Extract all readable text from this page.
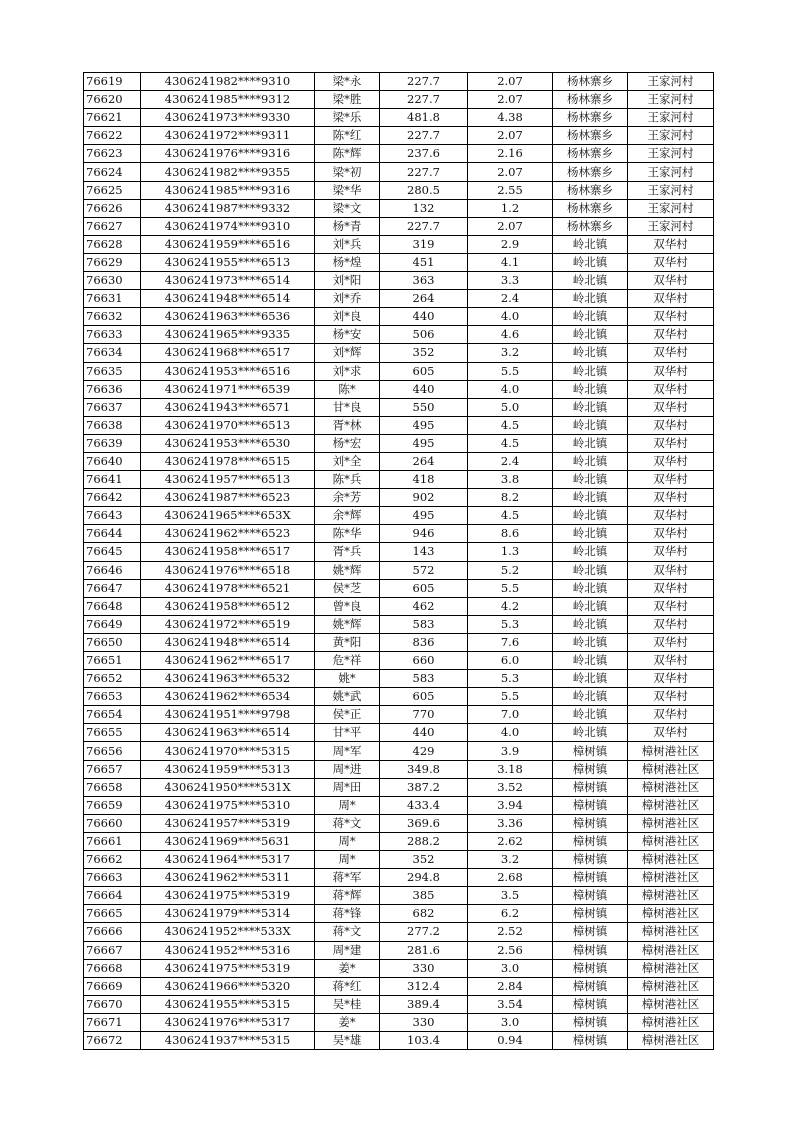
76619	4306241982****9310	梁*永	227.7	2.07	杨林寨乡	王家河村
76620	4306241985****9312	梁*胜	227.7	2.07	杨林寨乡	王家河村
76621	4306241973****9330	梁*乐	481.8	4.38	杨林寨乡	王家河村
76622	4306241972****9311	陈*红	227.7	2.07	杨林寨乡	王家河村
76623	4306241976****9316	陈*辉	237.6	2.16	杨林寨乡	王家河村
76624	4306241982****9355	梁*初	227.7	2.07	杨林寨乡	王家河村
76625	4306241985****9316	梁*华	280.5	2.55	杨林寨乡	王家河村
76626	4306241987****9332	梁*文	132	1.2	杨林寨乡	王家河村
76627	4306241974****9310	杨*青	227.7	2.07	杨林寨乡	王家河村
76628	4306241959****6516	刘*兵	319	2.9	岭北镇	双华村
76629	4306241955****6513	杨*煌	451	4.1	岭北镇	双华村
76630	4306241973****6514	刘*阳	363	3.3	岭北镇	双华村
76631	4306241948****6514	刘*乔	264	2.4	岭北镇	双华村
76632	4306241963****6536	刘*良	440	4.0	岭北镇	双华村
76633	4306241965****9335	杨*安	506	4.6	岭北镇	双华村
76634	4306241968****6517	刘*辉	352	3.2	岭北镇	双华村
76635	4306241953****6516	刘*求	605	5.5	岭北镇	双华村
76636	4306241971****6539	陈*	440	4.0	岭北镇	双华村
76637	4306241943****6571	甘*良	550	5.0	岭北镇	双华村
76638	4306241970****6513	胥*林	495	4.5	岭北镇	双华村
76639	4306241953****6530	杨*宏	495	4.5	岭北镇	双华村
76640	4306241978****6515	刘*全	264	2.4	岭北镇	双华村
76641	4306241957****6513	陈*兵	418	3.8	岭北镇	双华村
76642	4306241987****6523	余*芳	902	8.2	岭北镇	双华村
76643	4306241965****653X	余*辉	495	4.5	岭北镇	双华村
76644	4306241962****6523	陈*华	946	8.6	岭北镇	双华村
76645	4306241958****6517	胥*兵	143	1.3	岭北镇	双华村
76646	4306241976****6518	姚*辉	572	5.2	岭北镇	双华村
76647	4306241978****6521	侯*芝	605	5.5	岭北镇	双华村
76648	4306241958****6512	曾*良	462	4.2	岭北镇	双华村
76649	4306241972****6519	姚*辉	583	5.3	岭北镇	双华村
76650	4306241948****6514	黄*阳	836	7.6	岭北镇	双华村
76651	4306241962****6517	危*祥	660	6.0	岭北镇	双华村
76652	4306241963****6532	姚*	583	5.3	岭北镇	双华村
76653	4306241962****6534	姚*武	605	5.5	岭北镇	双华村
76654	4306241951****9798	侯*正	770	7.0	岭北镇	双华村
76655	4306241963****6514	甘*平	440	4.0	岭北镇	双华村
76656	4306241970****5315	周*军	429	3.9	樟树镇	樟树港社区
76657	4306241959****5313	周*进	349.8	3.18	樟树镇	樟树港社区
76658	4306241950****531X	周*田	387.2	3.52	樟树镇	樟树港社区
76659	4306241975****5310	周*	433.4	3.94	樟树镇	樟树港社区
76660	4306241957****5319	蒋*文	369.6	3.36	樟树镇	樟树港社区
76661	4306241969****5631	周*	288.2	2.62	樟树镇	樟树港社区
76662	4306241964****5317	周*	352	3.2	樟树镇	樟树港社区
76663	4306241962****5311	蒋*军	294.8	2.68	樟树镇	樟树港社区
76664	4306241975****5319	蒋*辉	385	3.5	樟树镇	樟树港社区
76665	4306241979****5314	蒋*锋	682	6.2	樟树镇	樟树港社区
76666	4306241952****533X	蒋*文	277.2	2.52	樟树镇	樟树港社区
76667	4306241952****5316	周*建	281.6	2.56	樟树镇	樟树港社区
76668	4306241975****5319	姜*	330	3.0	樟树镇	樟树港社区
76669	4306241966****5320	蒋*红	312.4	2.84	樟树镇	樟树港社区
76670	4306241955****5315	吴*桂	389.4	3.54	樟树镇	樟树港社区
76671	4306241976****5317	姜*	330	3.0	樟树镇	樟树港社区
76672	4306241937****5315	吴*雄	103.4	0.94	樟树镇	樟树港社区
